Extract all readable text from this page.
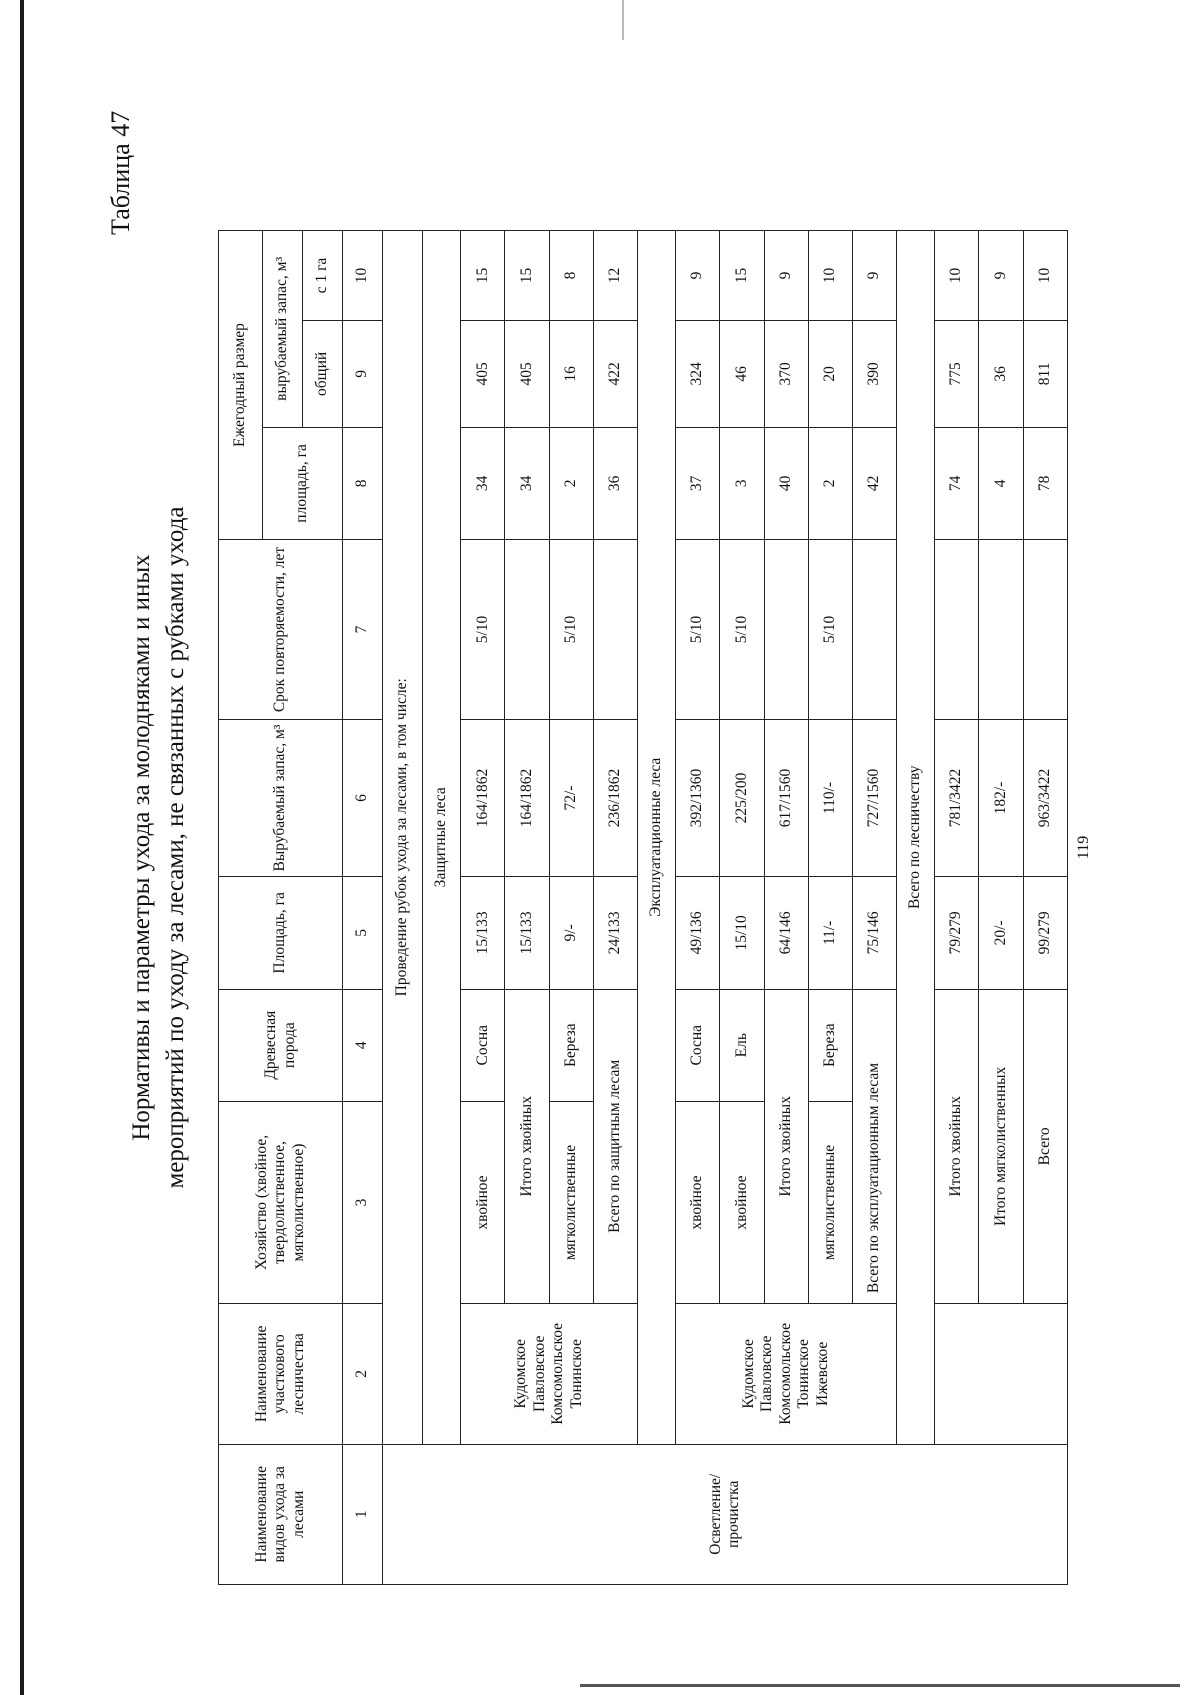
Таблица 47
Нормативы и параметры ухода за молодняками и иных мероприятий по уходу за лесами, не связанных с рубками ухода
Наименование видов ухода за лесами	Наименование участкового лесничества	Хозяйство (хвойное, твердолиственное, мягколиственное)	Древесная порода	Площадь, га	Вырубаемый запас, м³	Срок повторяемости, лет	Ежегодный размер		
							площадь, га	вырубаемый запас, м³	
								общий	с 1 га
1	2	3	4	5	6	7	8	9	10
Осветление/ прочистка	Проведение рубок ухода за лесами, в том числе:								
	Защитные леса								

	Кудомское Павловское Комсомольское Тонинское	хвойное	Сосна	15/133	164/1862	5/10	34	405	15
		Итого хвойных		15/133	164/1862		34	405	15
		мягколиственные	Береза	9/-	72/-	5/10	2	16	8
		Всего по защитным лесам		24/133	236/1862		36	422	12
	Эксплуатационные леса								

	Кудомское Павловское Комсомольское Тонинское Ижевское	хвойное	Сосна	49/136	392/1360	5/10	37	324	9
		хвойное	Ель	15/10	225/200	5/10	3	46	15
		Итого хвойных		64/146	617/1560		40	370	9
		мягколиственные	Береза	11/-	110/-	5/10	2	20	10
		Всего по эксплуатационным лесам		75/146	727/1560		42	390	9
	Всего по лесничеству								
		Итого хвойных		79/279	781/3422		74	775	10
		Итого мягколиственных		20/-	182/-		4	36	9
		Всего		99/279	963/3422		78	811	10
119
